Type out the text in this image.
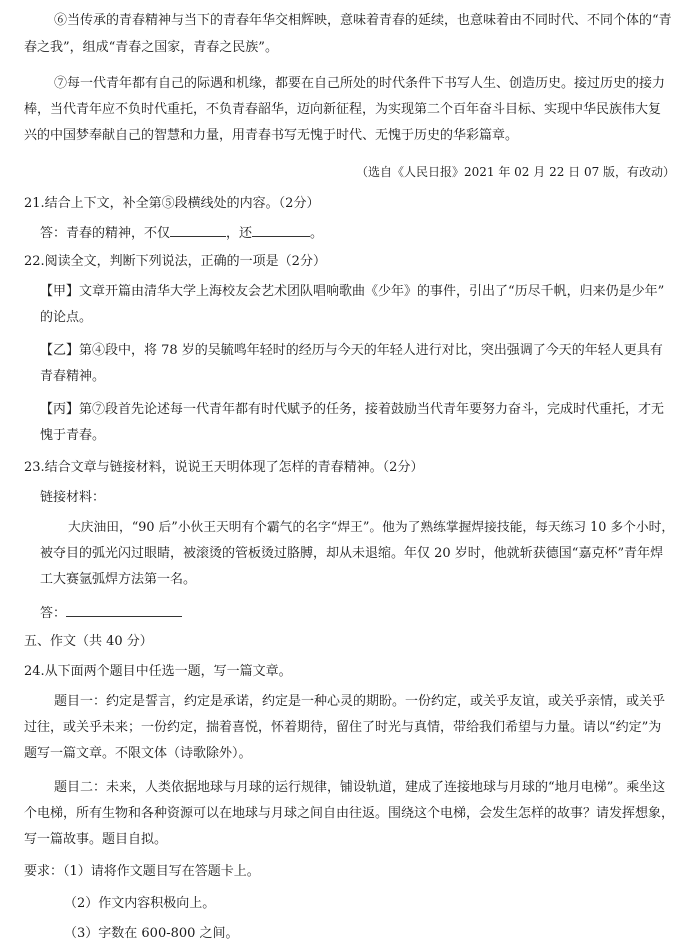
⑥当传承的青春精神与当下的青春年华交相辉映，意味着青春的延续，也意味着由不同时代、不同个体的“青
春之我”，组成“青春之国家，青春之民族”。
⑦每一代青年都有自己的际遇和机缘，都要在自己所处的时代条件下书写人生、创造历史。接过历史的接力
棒，当代青年应不负时代重托，不负青春韶华，迈向新征程，为实现第二个百年奋斗目标、实现中华民族伟大复
兴的中国梦奉献自己的智慧和力量，用青春书写无愧于时代、无愧于历史的华彩篇章。
（选自《人民日报》2021 年 02 月 22 日 07 版，有改动）
21.结合上下文，补全第⑤段横线处的内容。（2分）
答：青春的精神，不仅	，还	。
22.阅读全文，判断下列说法，正确的一项是（2分）
【甲】文章开篇由清华大学上海校友会艺术团队唱响歌曲《少年》的事件，引出了“历尽千帆，归来仍是少年”
的论点。
【乙】第④段中，将 78 岁的吴毓鸣年轻时的经历与今天的年轻人进行对比，突出强调了今天的年轻人更具有
青春精神。
【丙】第⑦段首先论述每一代青年都有时代赋予的任务，接着鼓励当代青年要努力奋斗，完成时代重托，才无
愧于青春。
23.结合文章与链接材料，说说王天明体现了怎样的青春精神。（2分）
链接材料：
大庆油田，“90 后”小伙王天明有个霸气的名字“焊王”。他为了熟练掌握焊接技能，每天练习 10 多个小时，
被夺目的弧光闪过眼睛，被滚烫的管板烫过胳膊，却从未退缩。年仅 20 岁时，他就斩获德国“嘉克杯”青年焊
工大赛氩弧焊方法第一名。
答：
五、作文（共 40 分）
24.从下面两个题目中任选一题，写一篇文章。
题目一：约定是誓言，约定是承诺，约定是一种心灵的期盼。一份约定，或关乎友谊，或关乎亲情，或关乎
过往，或关乎未来；一份约定，揣着喜悦，怀着期待，留住了时光与真情，带给我们希望与力量。请以“约定”为
题写一篇文章。不限文体（诗歌除外）。
题目二：未来，人类依据地球与月球的运行规律，铺设轨道，建成了连接地球与月球的“地月电梯”。乘坐这
个电梯，所有生物和各种资源可以在地球与月球之间自由往返。围绕这个电梯，会发生怎样的故事？请发挥想象，
写一篇故事。题目自拟。
要求：（1）请将作文题目写在答题卡上。
（2）作文内容积极向上。
（3）字数在 600-800 之间。
